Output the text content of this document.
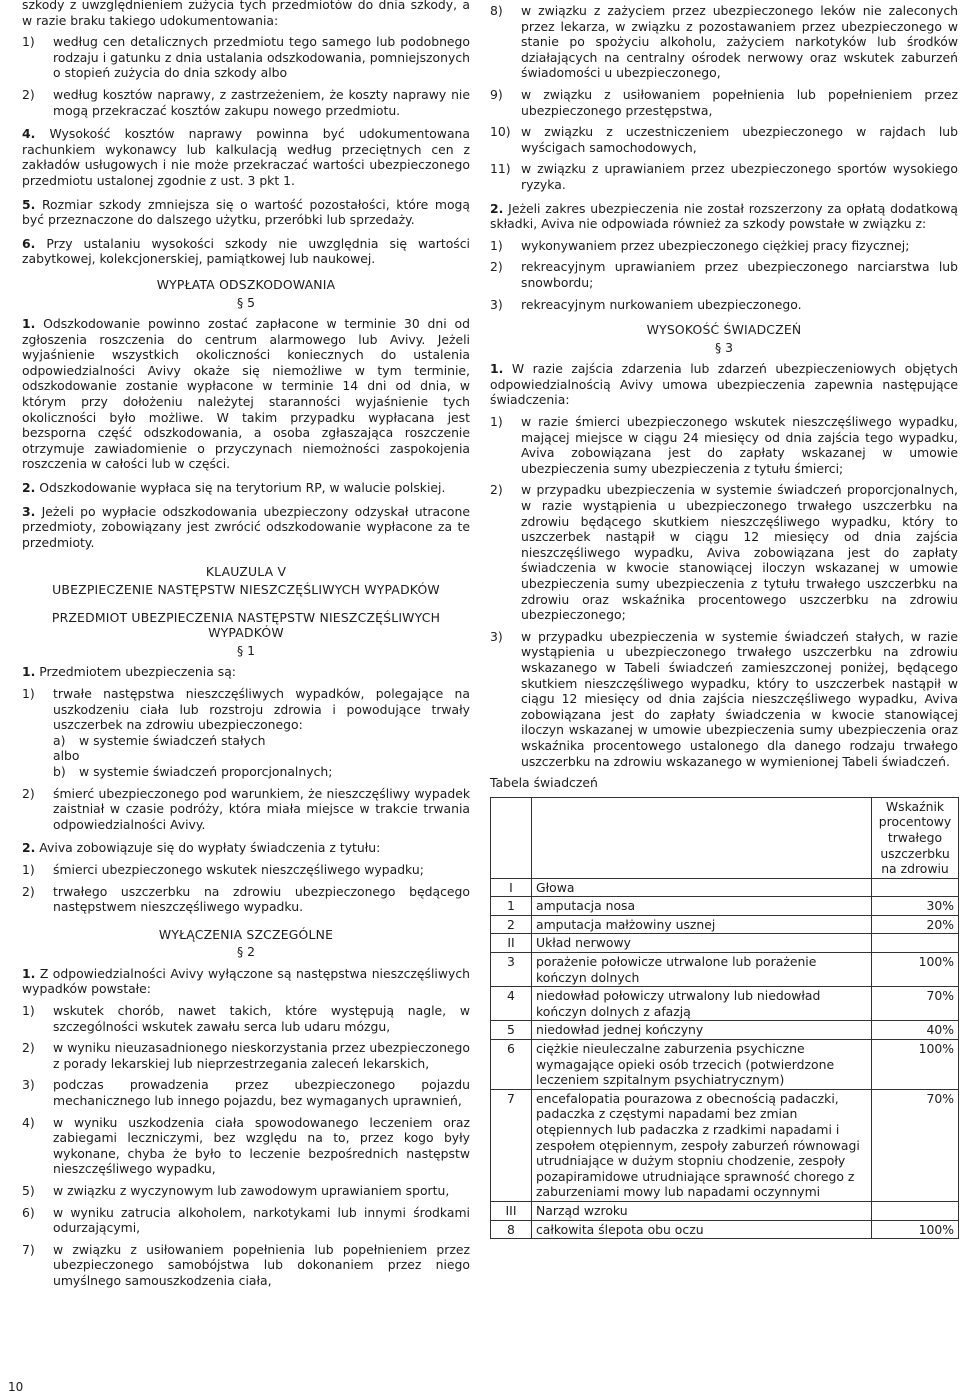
szkody z uwzględnieniem zużycia tych przedmiotów do dnia szkody, a w razie braku takiego udokumentowania:

1) według cen detalicznych przedmiotu tego samego lub podobnego rodzaju i gatunku z dnia ustalania odszkodowania, pomniejszonych o stopień zużycia do dnia szkody albo
2) według kosztów naprawy, z zastrzeżeniem, że koszty naprawy nie mogą przekraczać kosztów zakupu nowego przedmiotu.

4. Wysokość kosztów naprawy powinna być udokumentowana rachunkiem wykonawcy lub kalkulacją według przeciętnych cen z zakładów usługowych i nie może przekraczać wartości ubezpieczonego przedmiotu ustalonej zgodnie z ust. 3 pkt 1.

5. Rozmiar szkody zmniejsza się o wartość pozostałości, które mogą być przeznaczone do dalszego użytku, przeróbki lub sprzedaży.

6. Przy ustalaniu wysokości szkody nie uwzględnia się wartości zabytkowej, kolekcjonerskiej, pamiątkowej lub naukowej.

WYPŁATA ODSZKODOWANIA

§ 5

1. Odszkodowanie powinno zostać zapłacone w terminie 30 dni od zgłoszenia roszczenia do centrum alarmowego lub Avivy. Jeżeli wyjaśnienie wszystkich okoliczności koniecznych do ustalenia odpowiedzialności Avivy okaże się niemożliwe w tym terminie, odszkodowanie zostanie wypłacone w terminie 14 dni od dnia, w którym przy dołożeniu należytej staranności wyjaśnienie tych okoliczności było możliwe. W takim przypadku wypłacana jest bezsporna część odszkodowania, a osoba zgłaszająca roszczenie otrzymuje zawiadomienie o przyczynach niemożności zaspokojenia roszczenia w całości lub w części.

2. Odszkodowanie wypłaca się na terytorium RP, w walucie polskiej.

3. Jeżeli po wypłacie odszkodowania ubezpieczony odzyskał utracone przedmioty, zobowiązany jest zwrócić odszkodowanie wypłacone za te przedmioty.

KLAUZULA V

UBEZPIECZENIE NASTĘPSTW NIESZCZĘŚLIWYCH WYPADKÓW

PRZEDMIOT UBEZPIECZENIA NASTĘPSTW NIESZCZĘŚLIWYCH WYPADKÓW

§ 1

1. Przedmiotem ubezpieczenia są:

1) trwałe następstwa nieszczęśliwych wypadków, polegające na uszkodzeniu ciała lub rozstroju zdrowia i powodujące trwały uszczerbek na zdrowiu ubezpieczonego:
a) w systemie świadczeń stałych
albo
b) w systemie świadczeń proporcjonalnych;
2) śmierć ubezpieczonego pod warunkiem, że nieszczęśliwy wypadek zaistniał w czasie podróży, która miała miejsce w trakcie trwania odpowiedzialności Avivy.

2. Aviva zobowiązuje się do wypłaty świadczenia z tytułu:

1) śmierci ubezpieczonego wskutek nieszczęśliwego wypadku;
2) trwałego uszczerbku na zdrowiu ubezpieczonego będącego następstwem nieszczęśliwego wypadku.

WYŁĄCZENIA SZCZEGÓLNE

§ 2

1. Z odpowiedzialności Avivy wyłączone są następstwa nieszczęśliwych wypadków powstałe:

1) wskutek chorób, nawet takich, które występują nagle, w szczególności wskutek zawału serca lub udaru mózgu,
2) w wyniku nieuzasadnionego nieskorzystania przez ubezpieczonego z porady lekarskiej lub nieprzestrzegania zaleceń lekarskich,
3) podczas prowadzenia przez ubezpieczonego pojazdu mechanicznego lub innego pojazdu, bez wymaganych uprawnień,
4) w wyniku uszkodzenia ciała spowodowanego leczeniem oraz zabiegami leczniczymi, bez względu na to, przez kogo były wykonane, chyba że było to leczenie bezpośrednich następstw nieszczęśliwego wypadku,
5) w związku z wyczynowym lub zawodowym uprawianiem sportu,
6) w wyniku zatrucia alkoholem, narkotykami lub innymi środkami odurzającymi,
7) w związku z usiłowaniem popełnienia lub popełnieniem przez ubezpieczonego samobójstwa lub dokonaniem przez niego umyślnego samouszkodzenia ciała,
8) w związku z zażyciem przez ubezpieczonego leków nie zaleconych przez lekarza, w związku z pozostawaniem przez ubezpieczonego w stanie po spożyciu alkoholu, zażyciem narkotyków lub środków działających na centralny ośrodek nerwowy oraz wskutek zaburzeń świadomości u ubezpieczonego,
9) w związku z usiłowaniem popełnienia lub popełnieniem przez ubezpieczonego przestępstwa,
10) w związku z uczestniczeniem ubezpieczonego w rajdach lub wyścigach samochodowych,
11) w związku z uprawianiem przez ubezpieczonego sportów wysokiego ryzyka.

2. Jeżeli zakres ubezpieczenia nie został rozszerzony za opłatą dodatkową składki, Aviva nie odpowiada również za szkody powstałe w związku z:

1) wykonywaniem przez ubezpieczonego ciężkiej pracy fizycznej;
2) rekreacyjnym uprawianiem przez ubezpieczonego narciarstwa lub snowbordu;
3) rekreacyjnym nurkowaniem ubezpieczonego.

WYSOKOŚĆ ŚWIADCZEŃ

§ 3

1. W razie zajścia zdarzenia lub zdarzeń ubezpieczeniowych objętych odpowiedzialnością Avivy umowa ubezpieczenia zapewnia następujące świadczenia:

1) w razie śmierci ubezpieczonego wskutek nieszczęśliwego wypadku, mającej miejsce w ciągu 24 miesięcy od dnia zajścia tego wypadku, Aviva zobowiązana jest do zapłaty wskazanej w umowie ubezpieczenia sumy ubezpieczenia z tytułu śmierci;
2) w przypadku ubezpieczenia w systemie świadczeń proporcjonalnych, w razie wystąpienia u ubezpieczonego trwałego uszczerbku na zdrowiu będącego skutkiem nieszczęśliwego wypadku, który to uszczerbek nastąpił w ciągu 12 miesięcy od dnia zajścia nieszczęśliwego wypadku, Aviva zobowiązana jest do zapłaty świadczenia w kwocie stanowiącej iloczyn wskazanej w umowie ubezpieczenia sumy ubezpieczenia z tytułu trwałego uszczerbku na zdrowiu oraz wskaźnika procentowego uszczerbku na zdrowiu ubezpieczonego;
3) w przypadku ubezpieczenia w systemie świadczeń stałych, w razie wystąpienia u ubezpieczonego trwałego uszczerbku na zdrowiu wskazanego w Tabeli świadczeń zamieszczonej poniżej, będącego skutkiem nieszczęśliwego wypadku, który to uszczerbek nastąpił w ciągu 12 miesięcy od dnia zajścia nieszczęśliwego wypadku, Aviva zobowiązana jest do zapłaty świadczenia w kwocie stanowiącej iloczyn wskazanej w umowie ubezpieczenia sumy ubezpieczenia oraz wskaźnika procentowego ustalonego dla danego rodzaju trwałego uszczerbku na zdrowiu wskazanego w wymienionej Tabeli świadczeń.

Tabela świadczeń

		Wskaźnik procentowy trwałego uszczerbku na zdrowiu
I	Głowa	
1	amputacja nosa	30%
2	amputacja małżowiny usznej	20%
II	Układ nerwowy	
3	porażenie połowicze utrwalone lub porażenie kończyn dolnych	100%
4	niedowład połowiczy utrwalony lub niedowład kończyn dolnych z afazją	70%
5	niedowład jednej kończyny	40%
6	ciężkie nieuleczalne zaburzenia psychiczne wymagające opieki osób trzecich (potwierdzone leczeniem szpitalnym psychiatrycznym)	100%
7	encefalopatia pourazowa z obecnością padaczki, padaczka z częstymi napadami bez zmian otępiennych lub padaczka z rzadkimi napadami i zespołem otępiennym, zespoły zaburzeń równowagi utrudniające w dużym stopniu chodzenie, zespoły pozapiramidowe utrudniające sprawność chorego z zaburzeniami mowy lub napadami oczynnymi	70%
III	Narząd wzroku	
8	całkowita ślepota obu oczu	100%
10
